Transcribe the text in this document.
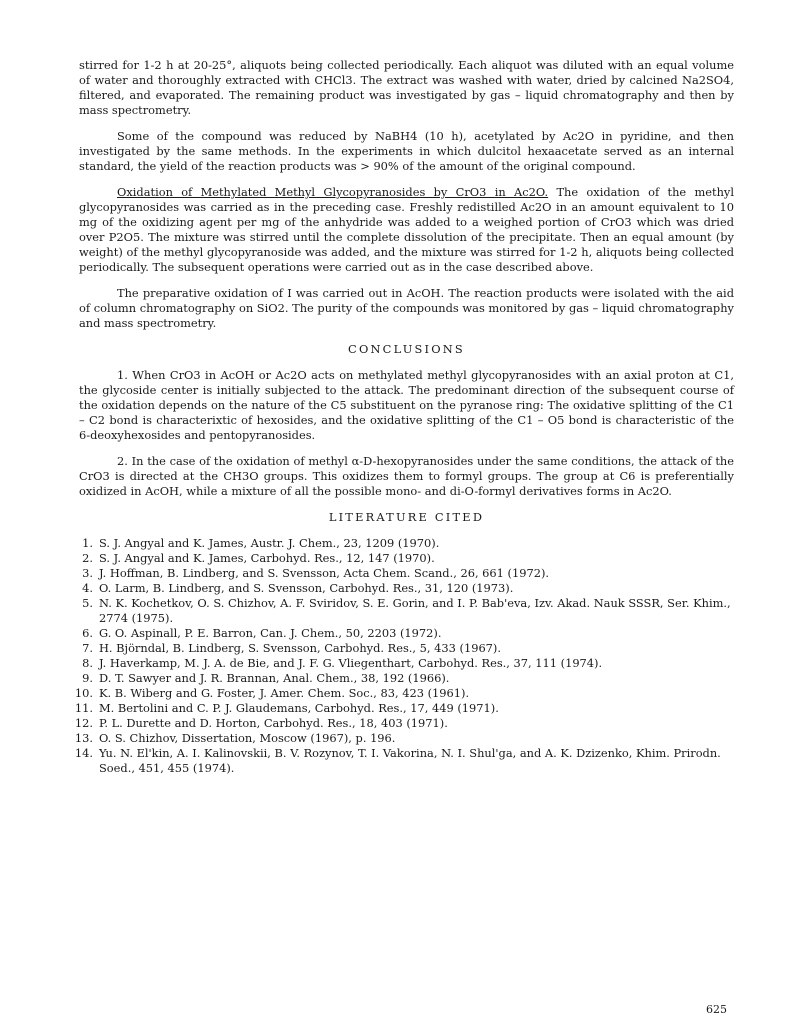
stirred for 1-2 h at 20-25°, aliquots being collected periodically. Each aliquot was diluted with an equal volume of water and thoroughly extracted with CHCl3. The extract was washed with water, dried by calcined Na2SO4, filtered, and evaporated. The remaining product was investigated by gas – liquid chromatography and then by mass spectrometry.

Some of the compound was reduced by NaBH4 (10 h), acetylated by Ac2O in pyridine, and then investigated by the same methods. In the experiments in which dulcitol hexaacetate served as an internal standard, the yield of the reaction products was > 90% of the amount of the original compound.

Oxidation of Methylated Methyl Glycopyranosides by CrO3 in Ac2O. The oxidation of the methyl glycopyranosides was carried as in the preceding case. Freshly redistilled Ac2O in an amount equivalent to 10 mg of the oxidizing agent per mg of the anhydride was added to a weighed portion of CrO3 which was dried over P2O5. The mixture was stirred until the complete dissolution of the precipitate. Then an equal amount (by weight) of the methyl glycopyranoside was added, and the mixture was stirred for 1-2 h, aliquots being collected periodically. The subsequent operations were carried out as in the case described above.

The preparative oxidation of I was carried out in AcOH. The reaction products were isolated with the aid of column chromatography on SiO2. The purity of the compounds was monitored by gas – liquid chromatography and mass spectrometry.

CONCLUSIONS

1. When CrO3 in AcOH or Ac2O acts on methylated methyl glycopyranosides with an axial proton at C1, the glycoside center is initially subjected to the attack. The predominant direction of the subsequent course of the oxidation depends on the nature of the C5 substituent on the pyranose ring: The oxidative splitting of the C1 – C2 bond is characterixtic of hexosides, and the oxidative splitting of the C1 – O5 bond is characteristic of the 6-deoxyhexosides and pentopyranosides.

2. In the case of the oxidation of methyl α-D-hexopyranosides under the same conditions, the attack of the CrO3 is directed at the CH3O groups. This oxidizes them to formyl groups. The group at C6 is preferentially oxidized in AcOH, while a mixture of all the possible mono- and di-O-formyl derivatives forms in Ac2O.

LITERATURE CITED
1. S. J. Angyal and K. James, Austr. J. Chem., 23, 1209 (1970).
2. S. J. Angyal and K. James, Carbohyd. Res., 12, 147 (1970).
3. J. Hoffman, B. Lindberg, and S. Svensson, Acta Chem. Scand., 26, 661 (1972).
4. O. Larm, B. Lindberg, and S. Svensson, Carbohyd. Res., 31, 120 (1973).
5. N. K. Kochetkov, O. S. Chizhov, A. F. Sviridov, S. E. Gorin, and I. P. Bab'eva, Izv. Akad. Nauk SSSR, Ser. Khim., 2774 (1975).
6. G. O. Aspinall, P. E. Barron, Can. J. Chem., 50, 2203 (1972).
7. H. Björndal, B. Lindberg, S. Svensson, Carbohyd. Res., 5, 433 (1967).
8. J. Haverkamp, M. J. A. de Bie, and J. F. G. Vliegenthart, Carbohyd. Res., 37, 111 (1974).
9. D. T. Sawyer and J. R. Brannan, Anal. Chem., 38, 192 (1966).
10. K. B. Wiberg and G. Foster, J. Amer. Chem. Soc., 83, 423 (1961).
11. M. Bertolini and C. P. J. Glaudemans, Carbohyd. Res., 17, 449 (1971).
12. P. L. Durette and D. Horton, Carbohyd. Res., 18, 403 (1971).
13. O. S. Chizhov, Dissertation, Moscow (1967), p. 196.
14. Yu. N. El'kin, A. I. Kalinovskii, B. V. Rozynov, T. I. Vakorina, N. I. Shul'ga, and A. K. Dzizenko, Khim. Prirodn. Soed., 451, 455 (1974).
625
